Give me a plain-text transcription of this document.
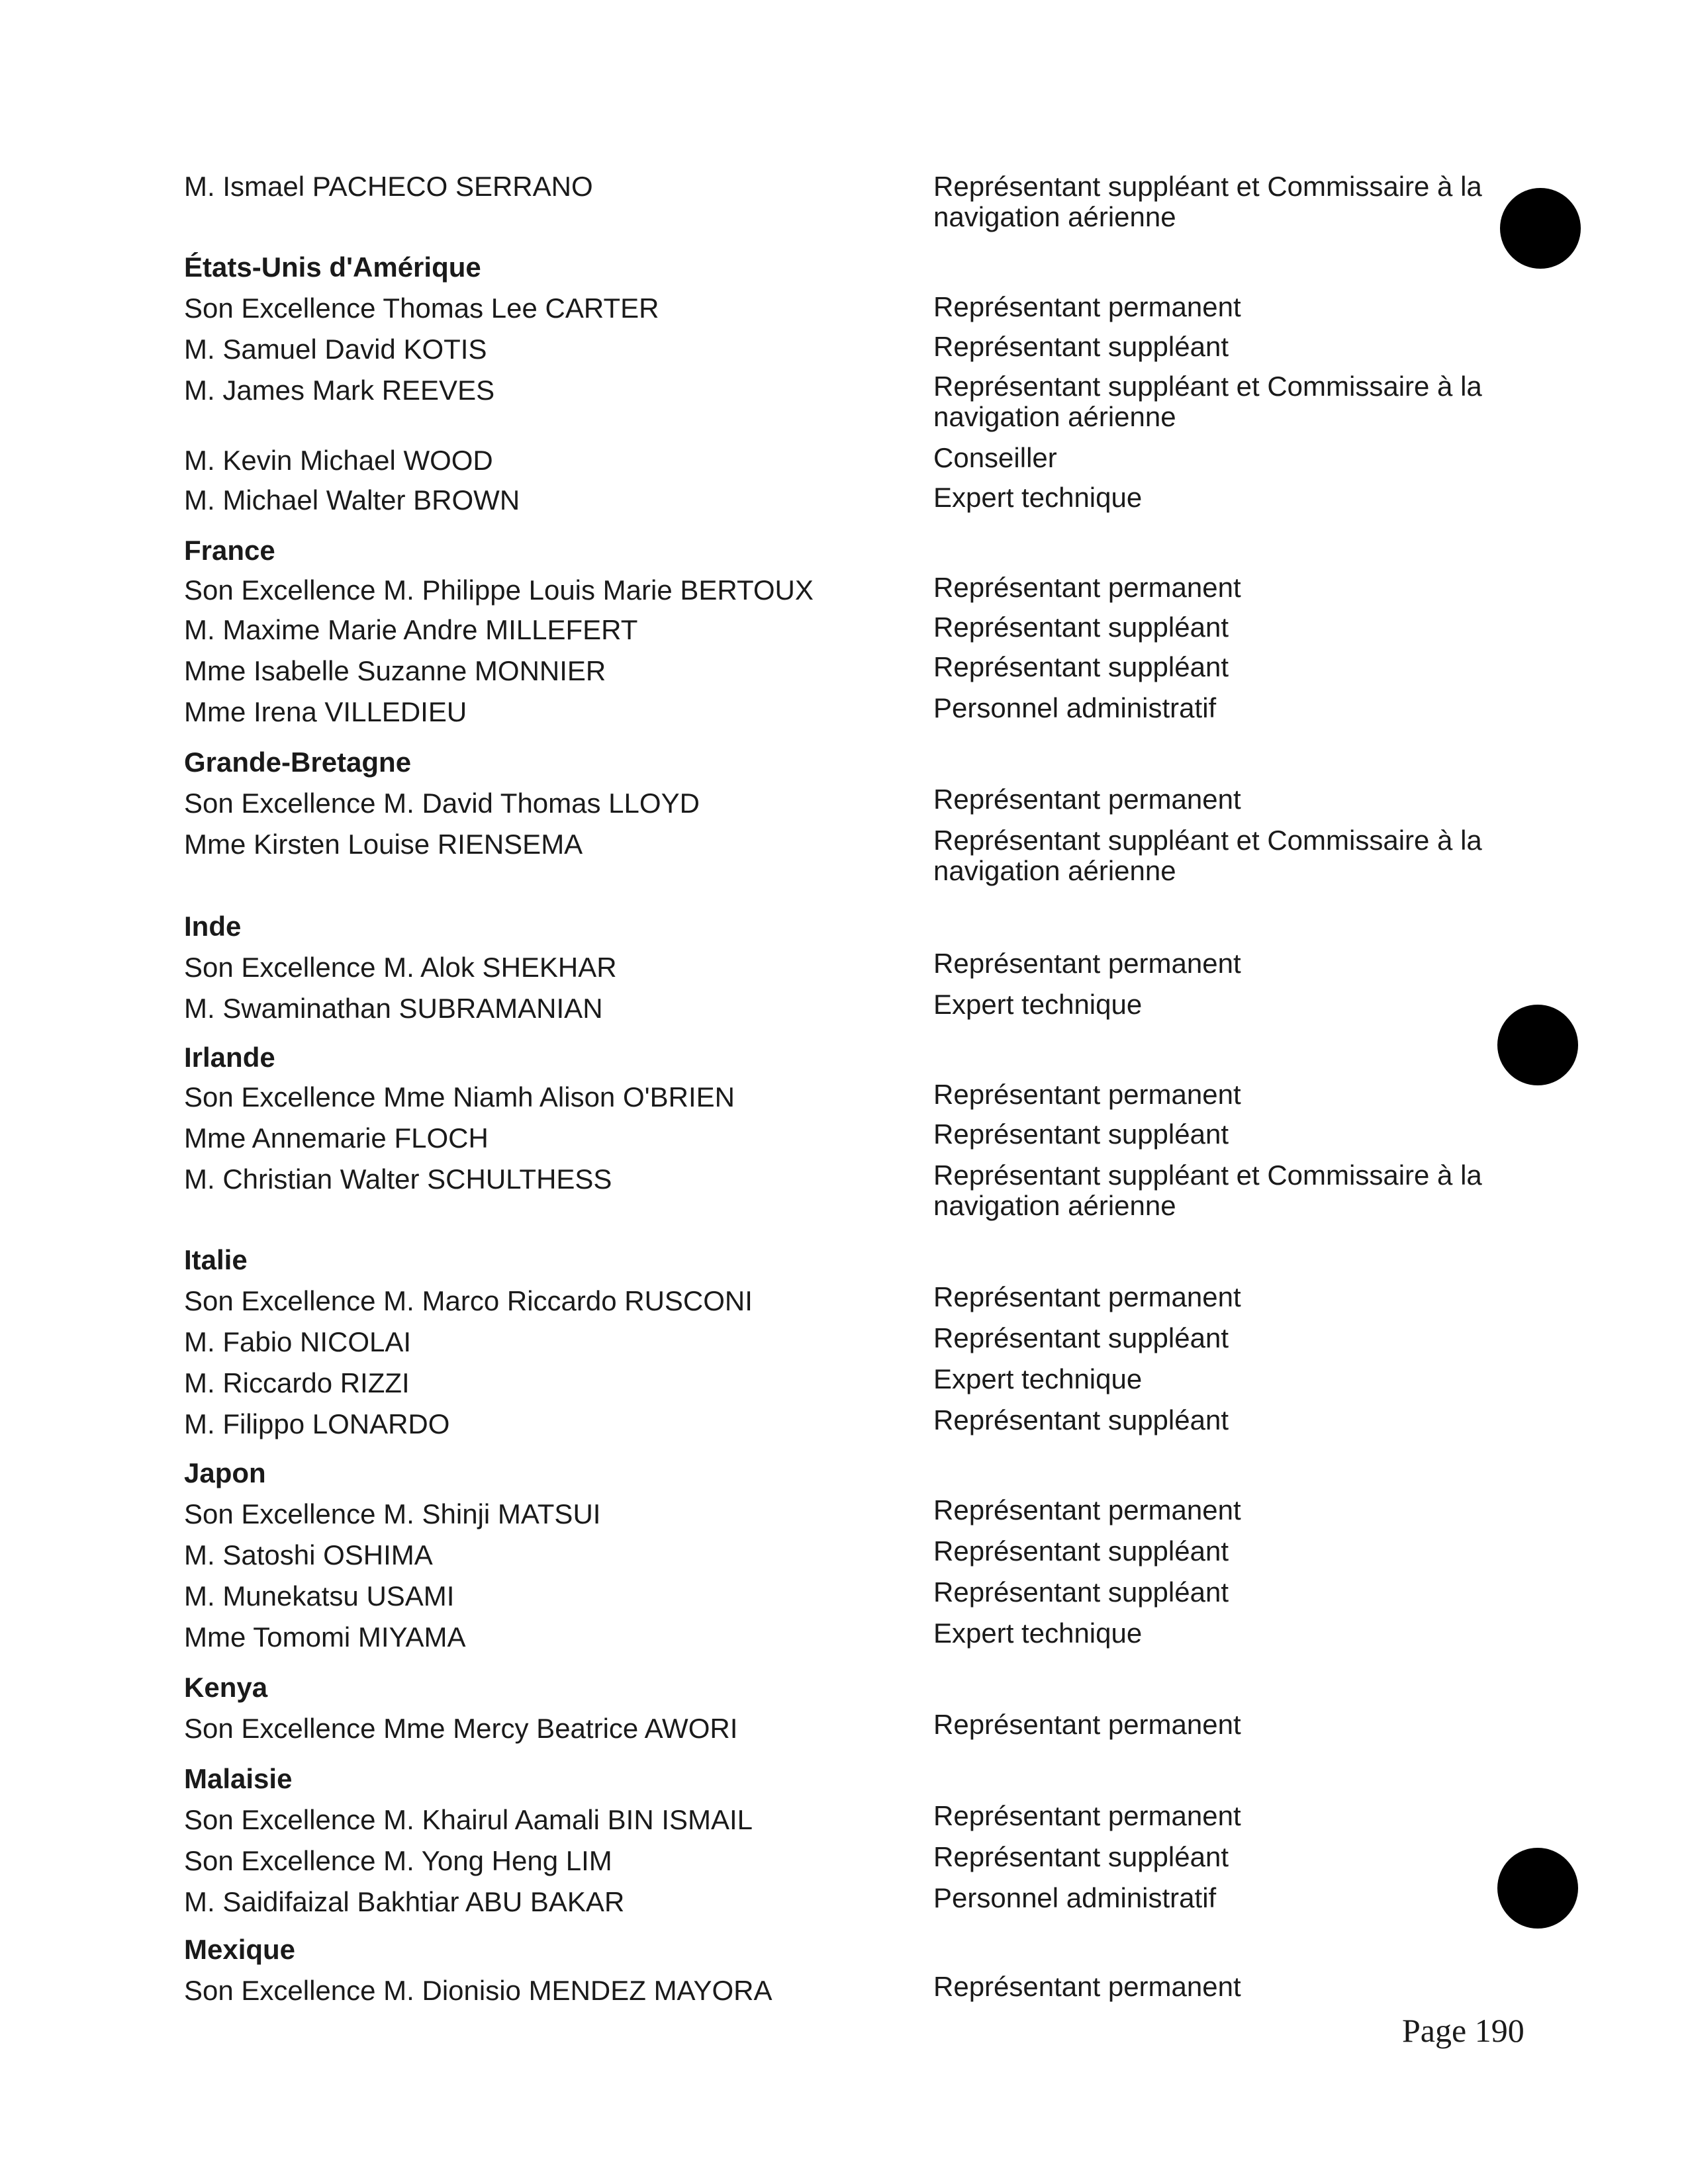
M. Ismael PACHECO SERRANO	Représentant suppléant et Commissaire à la
navigation aérienne
États-Unis d'Amérique
Son Excellence Thomas Lee CARTER	Représentant permanent
M. Samuel David KOTIS	Représentant suppléant
M. James Mark REEVES	Représentant suppléant et Commissaire à la
navigation aérienne
M. Kevin Michael WOOD	Conseiller
M. Michael Walter BROWN	Expert technique
France
Son Excellence M. Philippe Louis Marie BERTOUX	Représentant permanent
M. Maxime Marie Andre MILLEFERT	Représentant suppléant
Mme Isabelle Suzanne MONNIER	Représentant suppléant
Mme Irena VILLEDIEU	Personnel administratif
Grande-Bretagne
Son Excellence M. David Thomas LLOYD	Représentant permanent
Mme Kirsten Louise RIENSEMA	Représentant suppléant et Commissaire à la
navigation aérienne
Inde
Son Excellence M. Alok SHEKHAR	Représentant permanent
M. Swaminathan SUBRAMANIAN	Expert technique
Irlande
Son Excellence Mme Niamh Alison O'BRIEN	Représentant permanent
Mme Annemarie FLOCH	Représentant suppléant
M. Christian Walter SCHULTHESS	Représentant suppléant et Commissaire à la
navigation aérienne
Italie
Son Excellence M. Marco Riccardo RUSCONI	Représentant permanent
M. Fabio NICOLAI	Représentant suppléant
M. Riccardo RIZZI	Expert technique
M. Filippo LONARDO	Représentant suppléant
Japon
Son Excellence M. Shinji MATSUI	Représentant permanent
M. Satoshi OSHIMA	Représentant suppléant
M. Munekatsu USAMI	Représentant suppléant
Mme Tomomi MIYAMA	Expert technique
Kenya
Son Excellence Mme Mercy Beatrice AWORI	Représentant permanent
Malaisie
Son Excellence M. Khairul Aamali BIN ISMAIL	Représentant permanent
Son Excellence M. Yong Heng LIM	Représentant suppléant
M. Saidifaizal Bakhtiar ABU BAKAR	Personnel administratif
Mexique
Son Excellence M. Dionisio MENDEZ MAYORA	Représentant permanent
Page 190
